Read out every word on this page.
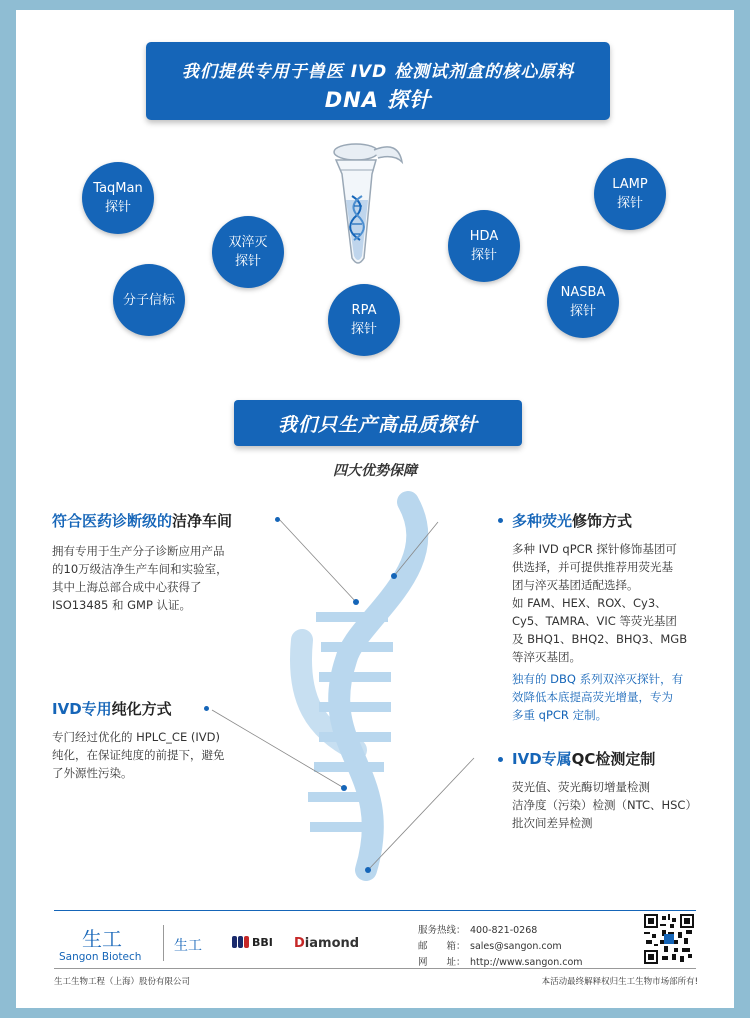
我们提供专用于兽医 IVD 检测试剂盒的核心原料
DNA 探针
TaqMan
探针
分子信标
双淬灭
探针
RPA
探针
HDA
探针
NASBA
探针
LAMP
探针
我们只生产高品质探针
四大优势保障
符合医药诊断级的洁净车间

拥有专用于生产分子诊断应用产品

的10万级洁净生产车间和实验室，

其中上海总部合成中心获得了

ISO13485 和 GMP 认证。

IVD专用纯化方式

专门经过优化的 HPLC_CE (IVD)

纯化，在保证纯度的前提下，避免

了外源性污染。

多种荧光修饰方式

多种 IVD qPCR 探针修饰基团可

供选择，并可提供推荐用荧光基

团与淬灭基团适配选择。

如 FAM、HEX、ROX、Cy3、

Cy5、TAMRA、VIC 等荧光基团

及 BHQ1、BHQ2、BHQ3、MGB

等淬灭基团。

独有的 DBQ 系列双淬灭探针，有

效降低本底提高荧光增量，专为

多重 qPCR 定制。

IVD专属QC检测定制

荧光值、荧光酶切增量检测

洁净度（污染）检测（NTC、HSC）

批次间差异检测

生工
Sangon Biotech
生工	BBI Diamond
服务热线： 400-821-0268
邮　　箱： sales@sangon.com
网　　址： http://www.sangon.com
生工生物工程（上海）股份有限公司	本活动最终解释权归生工生物市场部所有!
